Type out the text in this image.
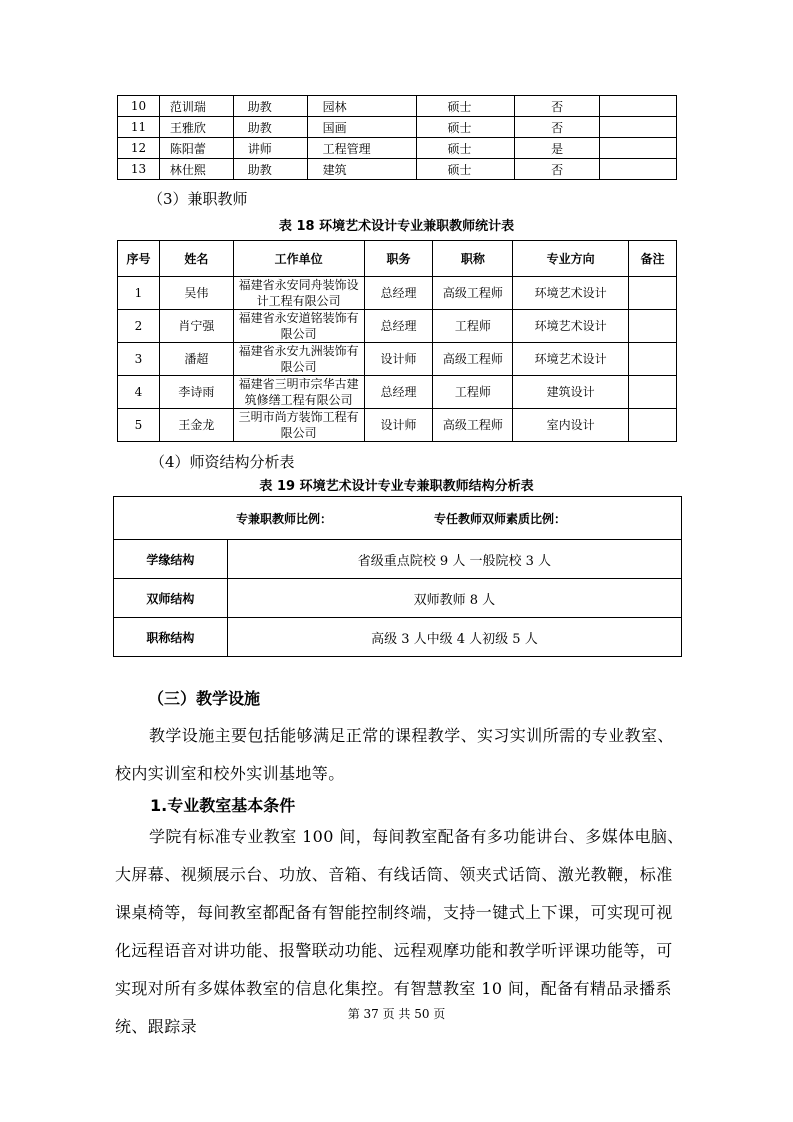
10	范训瑞	助教	园林	硕士	否	
11	王雅欣	助教	国画	硕士	否	
12	陈阳蕾	讲师	工程管理	硕士	是	
13	林仕熙	助教	建筑	硕士	否	
（3）兼职教师
表 18 环境艺术设计专业兼职教师统计表
序号	姓名	工作单位	职务	职称	专业方向	备注
1	吴伟	福建省永安同舟装饰设计工程有限公司	总经理	高级工程师	环境艺术设计	
2	肖宁强	福建省永安道铭装饰有限公司	总经理	工程师	环境艺术设计	
3	潘超	福建省永安九洲装饰有限公司	设计师	高级工程师	环境艺术设计	
4	李诗雨	福建省三明市宗华古建筑修缮工程有限公司	总经理	工程师	建筑设计	
5	王金龙	三明市尚方装饰工程有限公司	设计师	高级工程师	室内设计	
（4）师资结构分析表
表 19 环境艺术设计专业专兼职教师结构分析表
专兼职教师比例： 专任教师双师素质比例：	
学缘结构	省级重点院校 9 人 一般院校 3 人
双师结构	双师教师 8 人
职称结构	高级 3 人中级 4 人初级 5 人
（三）教学设施

教学设施主要包括能够满足正常的课程教学、实习实训所需的专业教室、校内实训室和校外实训基地等。

1.专业教室基本条件

学院有标准专业教室 100 间，每间教室配备有多功能讲台、多媒体电脑、大屏幕、视频展示台、功放、音箱、有线话筒、领夹式话筒、激光教鞭，标准课桌椅等，每间教室都配备有智能控制终端，支持一键式上下课，可实现可视化远程语音对讲功能、报警联动功能、远程观摩功能和教学听评课功能等，可实现对所有多媒体教室的信息化集控。有智慧教室 10 间，配备有精品录播系统、跟踪录

第 37 页 共 50 页
